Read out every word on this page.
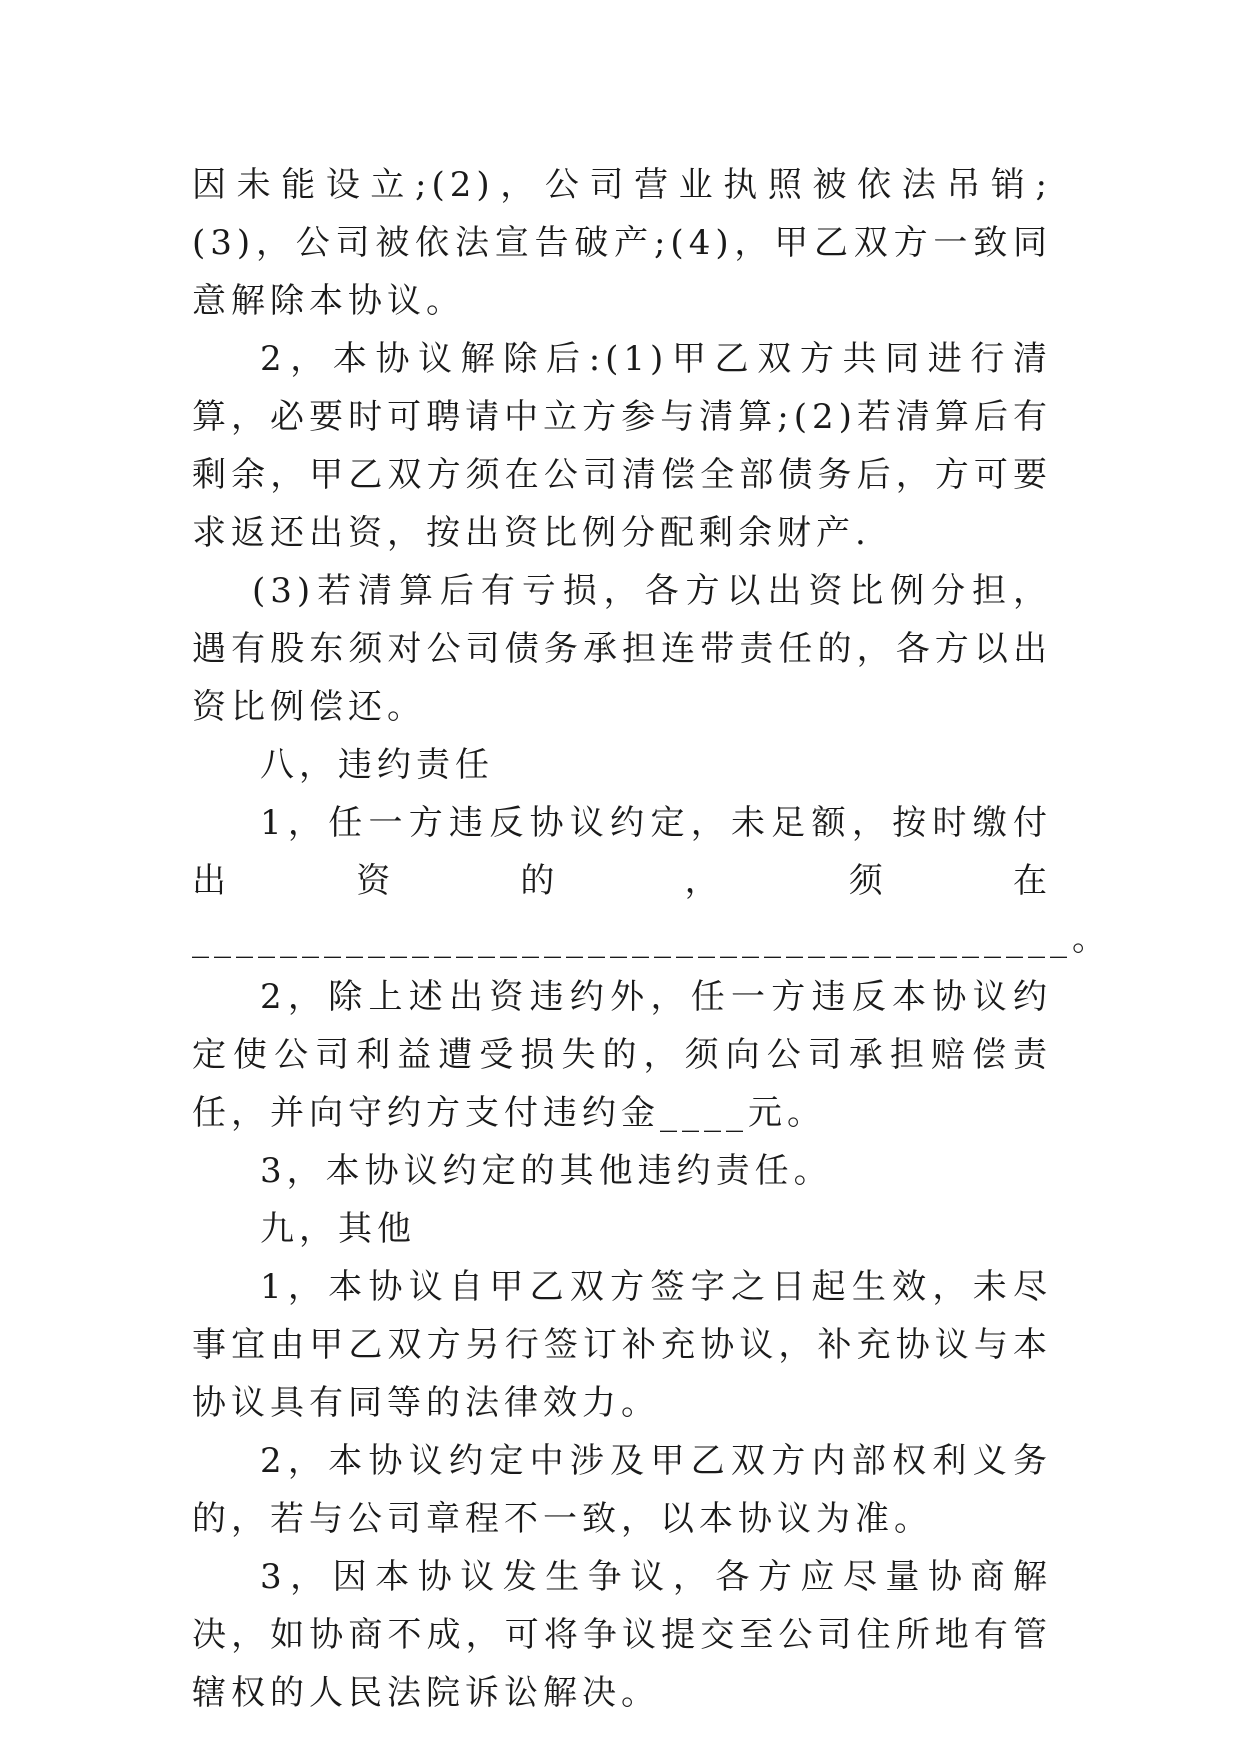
因未能设立;(2)，公司营业执照被依法吊销;(3)，公司被依法宣告破产;(4)，甲乙双方一致同意解除本协议。

2，本协议解除后:(1)甲乙双方共同进行清算，必要时可聘请中立方参与清算;(2)若清算后有剩余，甲乙双方须在公司清偿全部债务后，方可要求返还出资，按出资比例分配剩余财产.

(3)若清算后有亏损，各方以出资比例分担，遇有股东须对公司债务承担连带责任的，各方以出资比例偿还。

八，违约责任

1，任一方违反协议约定，未足额，按时缴付出资的，须在________________________________________。

2，除上述出资违约外，任一方违反本协议约定使公司利益遭受损失的，须向公司承担赔偿责任，并向守约方支付违约金____元。

3，本协议约定的其他违约责任。

九，其他

1，本协议自甲乙双方签字之日起生效，未尽事宜由甲乙双方另行签订补充协议，补充协议与本协议具有同等的法律效力。

2，本协议约定中涉及甲乙双方内部权利义务的，若与公司章程不一致，以本协议为准。

3，因本协议发生争议，各方应尽量协商解决，如协商不成，可将争议提交至公司住所地有管辖权的人民法院诉讼解决。
